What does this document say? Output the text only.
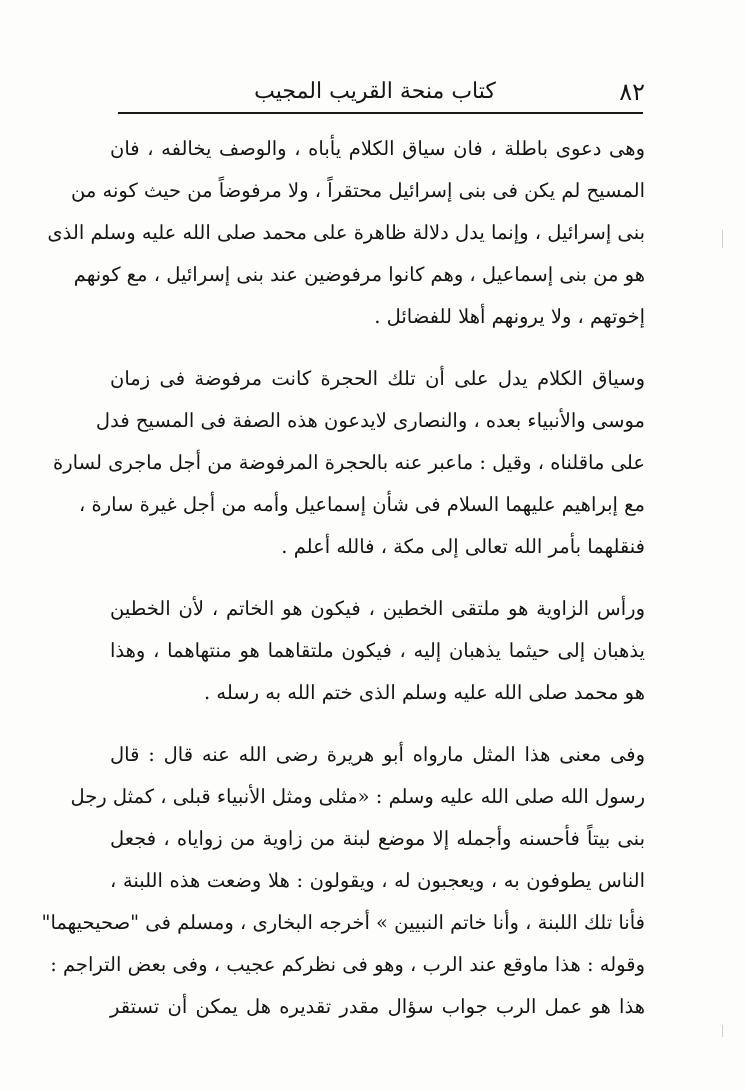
٨٢
كتاب منحة القريب المجيب
وهى دعوى باطلة ، فان سياق الكلام يأباه ، والوصف يخالفه ، فان
المسيح لم يكن فى بنى إسرائيل محتقراً ، ولا مرفوضاً من حيث كونه من
بنى إسرائيل ، وإنما يدل دلالة ظاهرة على محمد صلى الله عليه وسلم الذى
هو من بنى إسماعيل ، وهم كانوا مرفوضين عند بنى إسرائيل ، مع كونهم
إخوتهم ، ولا يرونهم أهلا للفضائل .
وسياق الكلام يدل على أن تلك الحجرة كانت مرفوضة فى زمان
موسى والأنبياء بعده ، والنصارى لايدعون هذه الصفة فى المسيح فدل
على ماقلناه ، وقيل : ماعبر عنه بالحجرة المرفوضة من أجل ماجرى لسارة
مع إبراهيم عليهما السلام فى شأن إسماعيل وأمه من أجل غيرة سارة ،
فنقلهما بأمر الله تعالى إلى مكة ، فالله أعلم .
ورأس الزاوية هو ملتقى الخطين ، فيكون هو الخاتم ، لأن الخطين
يذهبان إلى حيثما يذهبان إليه ، فيكون ملتقاهما هو منتهاهما ، وهذا
هو محمد صلى الله عليه وسلم الذى ختم الله به رسله .
وفى معنى هذا المثل مارواه أبو هريرة رضى الله عنه قال : قال
رسول الله صلى الله عليه وسلم : «مثلى ومثل الأنبياء قبلى ، كمثل رجل
بنى بيتاً فأحسنه وأجمله إلا موضع لبنة من زاوية من زواياه ، فجعل
الناس يطوفون به ، ويعجبون له ، ويقولون : هلا وضعت هذه اللبنة ،
فأنا تلك اللبنة ، وأنا خاتم النبيين » أخرجه البخارى ، ومسلم فى "صحيحيهما"
وقوله : هذا ماوقع عند الرب ، وهو فى نظركم عجيب ، وفى بعض التراجم :
هذا هو عمل الرب جواب سؤال مقدر تقديره هل يمكن أن تستقر
